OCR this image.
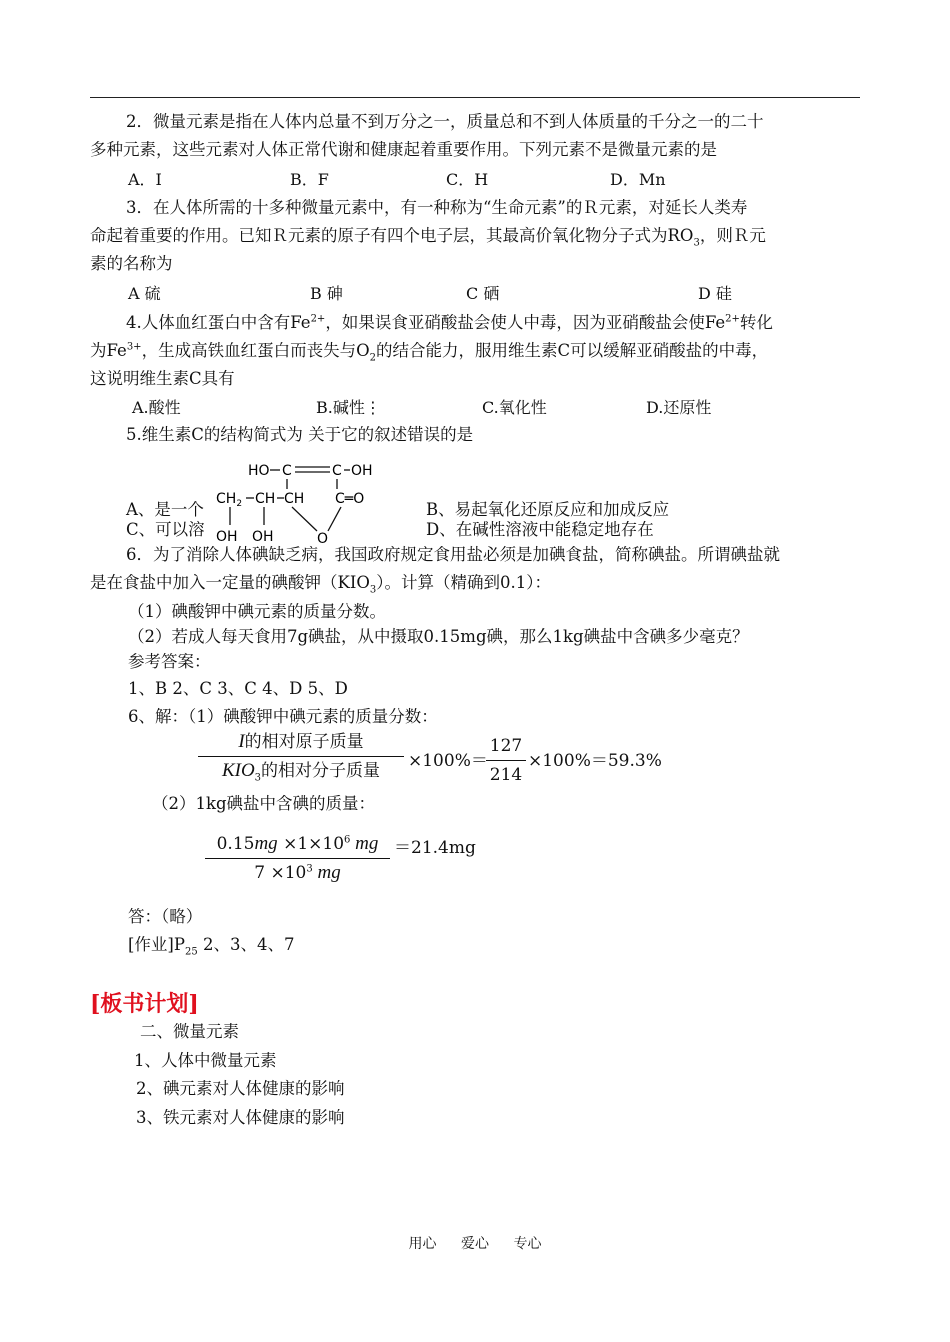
2．微量元素是指在人体内总量不到万分之一，质量总和不到人体质量的千分之一的二十
多种元素，这些元素对人体正常代谢和健康起着重要作用。下列元素不是微量元素的是
A．I	B．F	C．H	D．Mn
3．在人体所需的十多种微量元素中，有一种称为“生命元素”的Ｒ元素，对延长人类寿
命起着重要的作用。已知Ｒ元素的原子有四个电子层，其最高价氧化物分子式为$RO_3$，则Ｒ元
素的名称为
A 硫	B 砷	C 硒	D 硅
4.人体血红蛋白中含有$Fe^{2+}$，如果误食亚硝酸盐会使人中毒，因为亚硝酸盐会使$Fe^{2+}$转化
为$Fe^{3+}$，生成高铁血红蛋白而丧失与$O_2$的结合能力，服用维生素C可以缓解亚硝酸盐的中毒，
这说明维生素C具有
A.酸性	B.碱性⋮	C.氧化性	D.还原性
5.维生素C的结构简式为 关于它的叙述错误的是
HO C	C OH
$CH_2$ CH CH C═O
OH OH	O
A、是一个	B、易起氧化还原反应和加成反应
C、可以溶	D、在碱性溶液中能稳定地存在
6．为了消除人体碘缺乏病，我国政府规定食用盐必须是加碘食盐，简称碘盐。所谓碘盐就
是在食盐中加入一定量的碘酸钾$(KIO_3)$。计算（精确到0.1）：
（1）碘酸钾中碘元素的质量分数。
（2）若成人每天食用7g碘盐，从中摄取0.15mg碘，那么1kg碘盐中含碘多少毫克？
参考答案：
1、B 2、C 3、C 4、D 5、D
6、解：（1）碘酸钾中碘元素的质量分数：
I的相对原子质量
$KIO_3$的相对分子质量	×100%＝
127
214
×100%＝59.3%
（2）1kg碘盐中含碘的质量：
$0.15mg \times 1\times 10^6$ mg
$7 \times 10^3$ mg
＝21.4mg
答：（略）
[作业]$P_{25}$ 2、3、4、7
[板书计划]
二、微量元素
1、人体中微量元素
2、碘元素对人体健康的影响
3、铁元素对人体健康的影响
用心 爱心 专心
